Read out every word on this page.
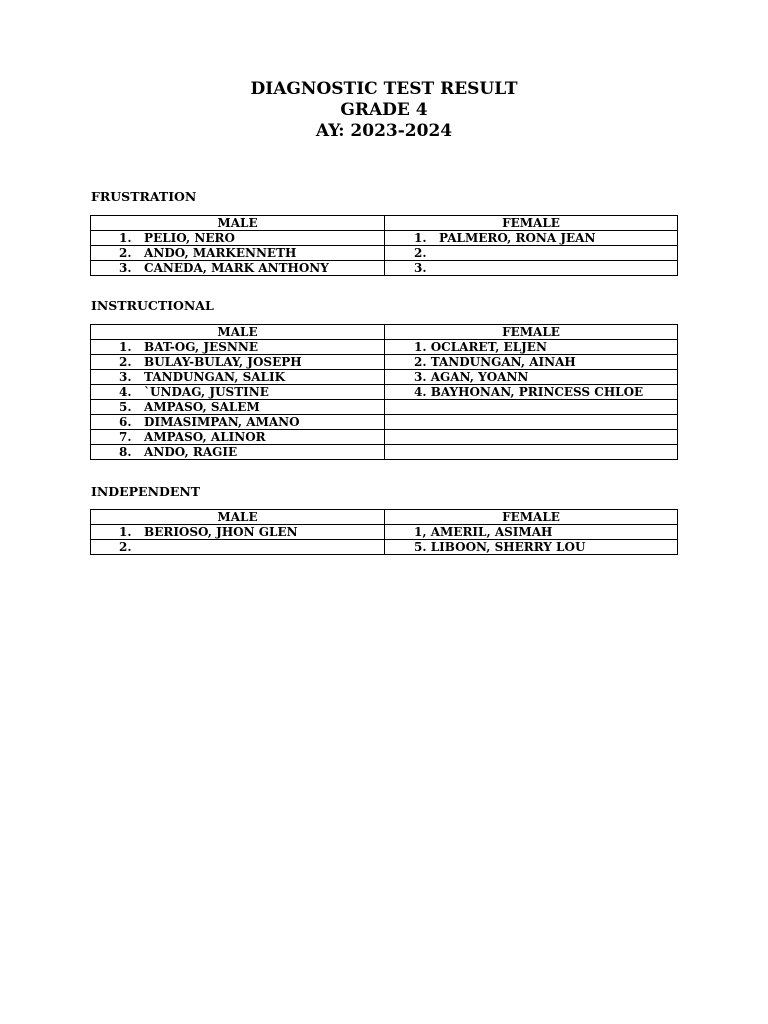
DIAGNOSTIC TEST RESULT
GRADE 4
AY: 2023-2024
FRUSTRATION
MALE	FEMALE
1.   PELIO, NERO	1.   PALMERO, RONA JEAN
2.   ANDO, MARKENNETH	2.
3.   CANEDA, MARK ANTHONY	3.
INSTRUCTIONAL
MALE	FEMALE
1.   BAT-OG, JESNNE	1. OCLARET, ELJEN
2.   BULAY-BULAY, JOSEPH	2. TANDUNGAN, AINAH
3.   TANDUNGAN, SALIK	3. AGAN, YOANN
4.   `UNDAG, JUSTINE	4. BAYHONAN, PRINCESS CHLOE
5.   AMPASO, SALEM	
6.   DIMASIMPAN, AMANO	
7.   AMPASO, ALINOR	
8.   ANDO, RAGIE	
INDEPENDENT
MALE	FEMALE
1.   BERIOSO, JHON GLEN	1, AMERIL, ASIMAH
2.	5. LIBOON, SHERRY LOU
